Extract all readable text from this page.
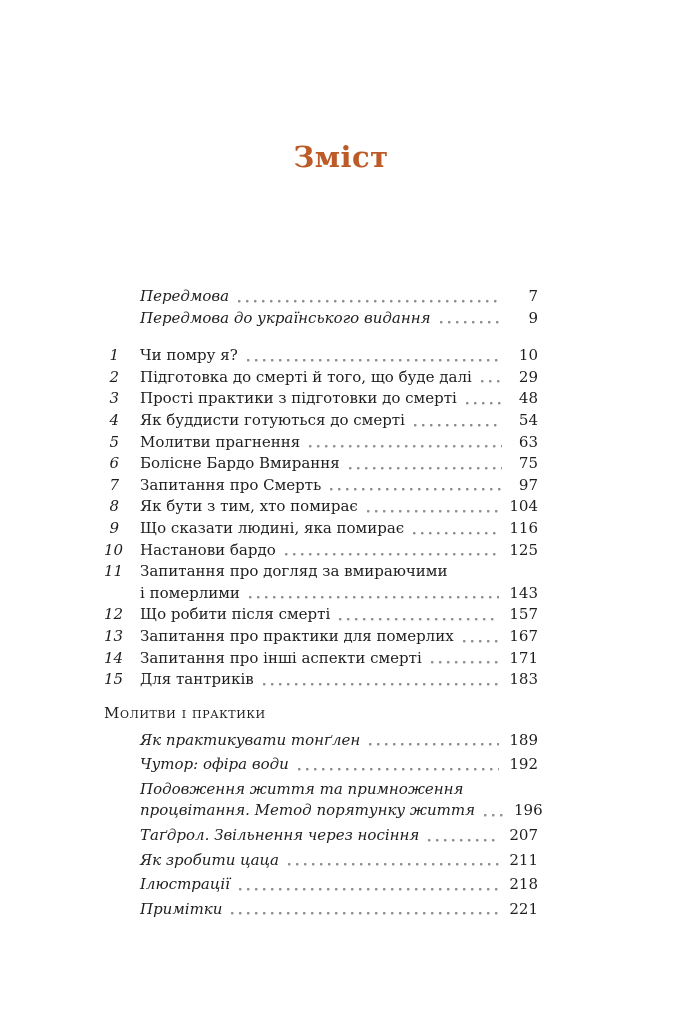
Зміст
Передмова	7
Передмова до українського видання	9
1 Чи помру я?	10
2 Підготовка до смерті й того, що буде далі	29
3 Прості практики з підготовки до смерті	48
4 Як буддисти готуються до смерті	54
5 Молитви прагнення	63
6 Болісне Бардо Вмирання	75
7 Запитання про Смерть	97
8 Як бути з тим, хто помирає	104
9 Що сказати людині, яка помирає	116
10 Настанови бардо	125
11 Запитання про догляд за вмираючими
і померлими	143
12 Що робити після смерті	157
13 Запитання про практики для померлих	167
14 Запитання про інші аспекти смерті	171
15 Для тантриків	183
Молитви і практики
Як практикувати тонґлен	189
Чутор: офіра води	192
Подовження життя та примноження
процвітання. Метод порятунку життя	196
Таґдрол. Звільнення через носіння	207
Як зробити цаца	211
Ілюстрації	218
Примітки	221
